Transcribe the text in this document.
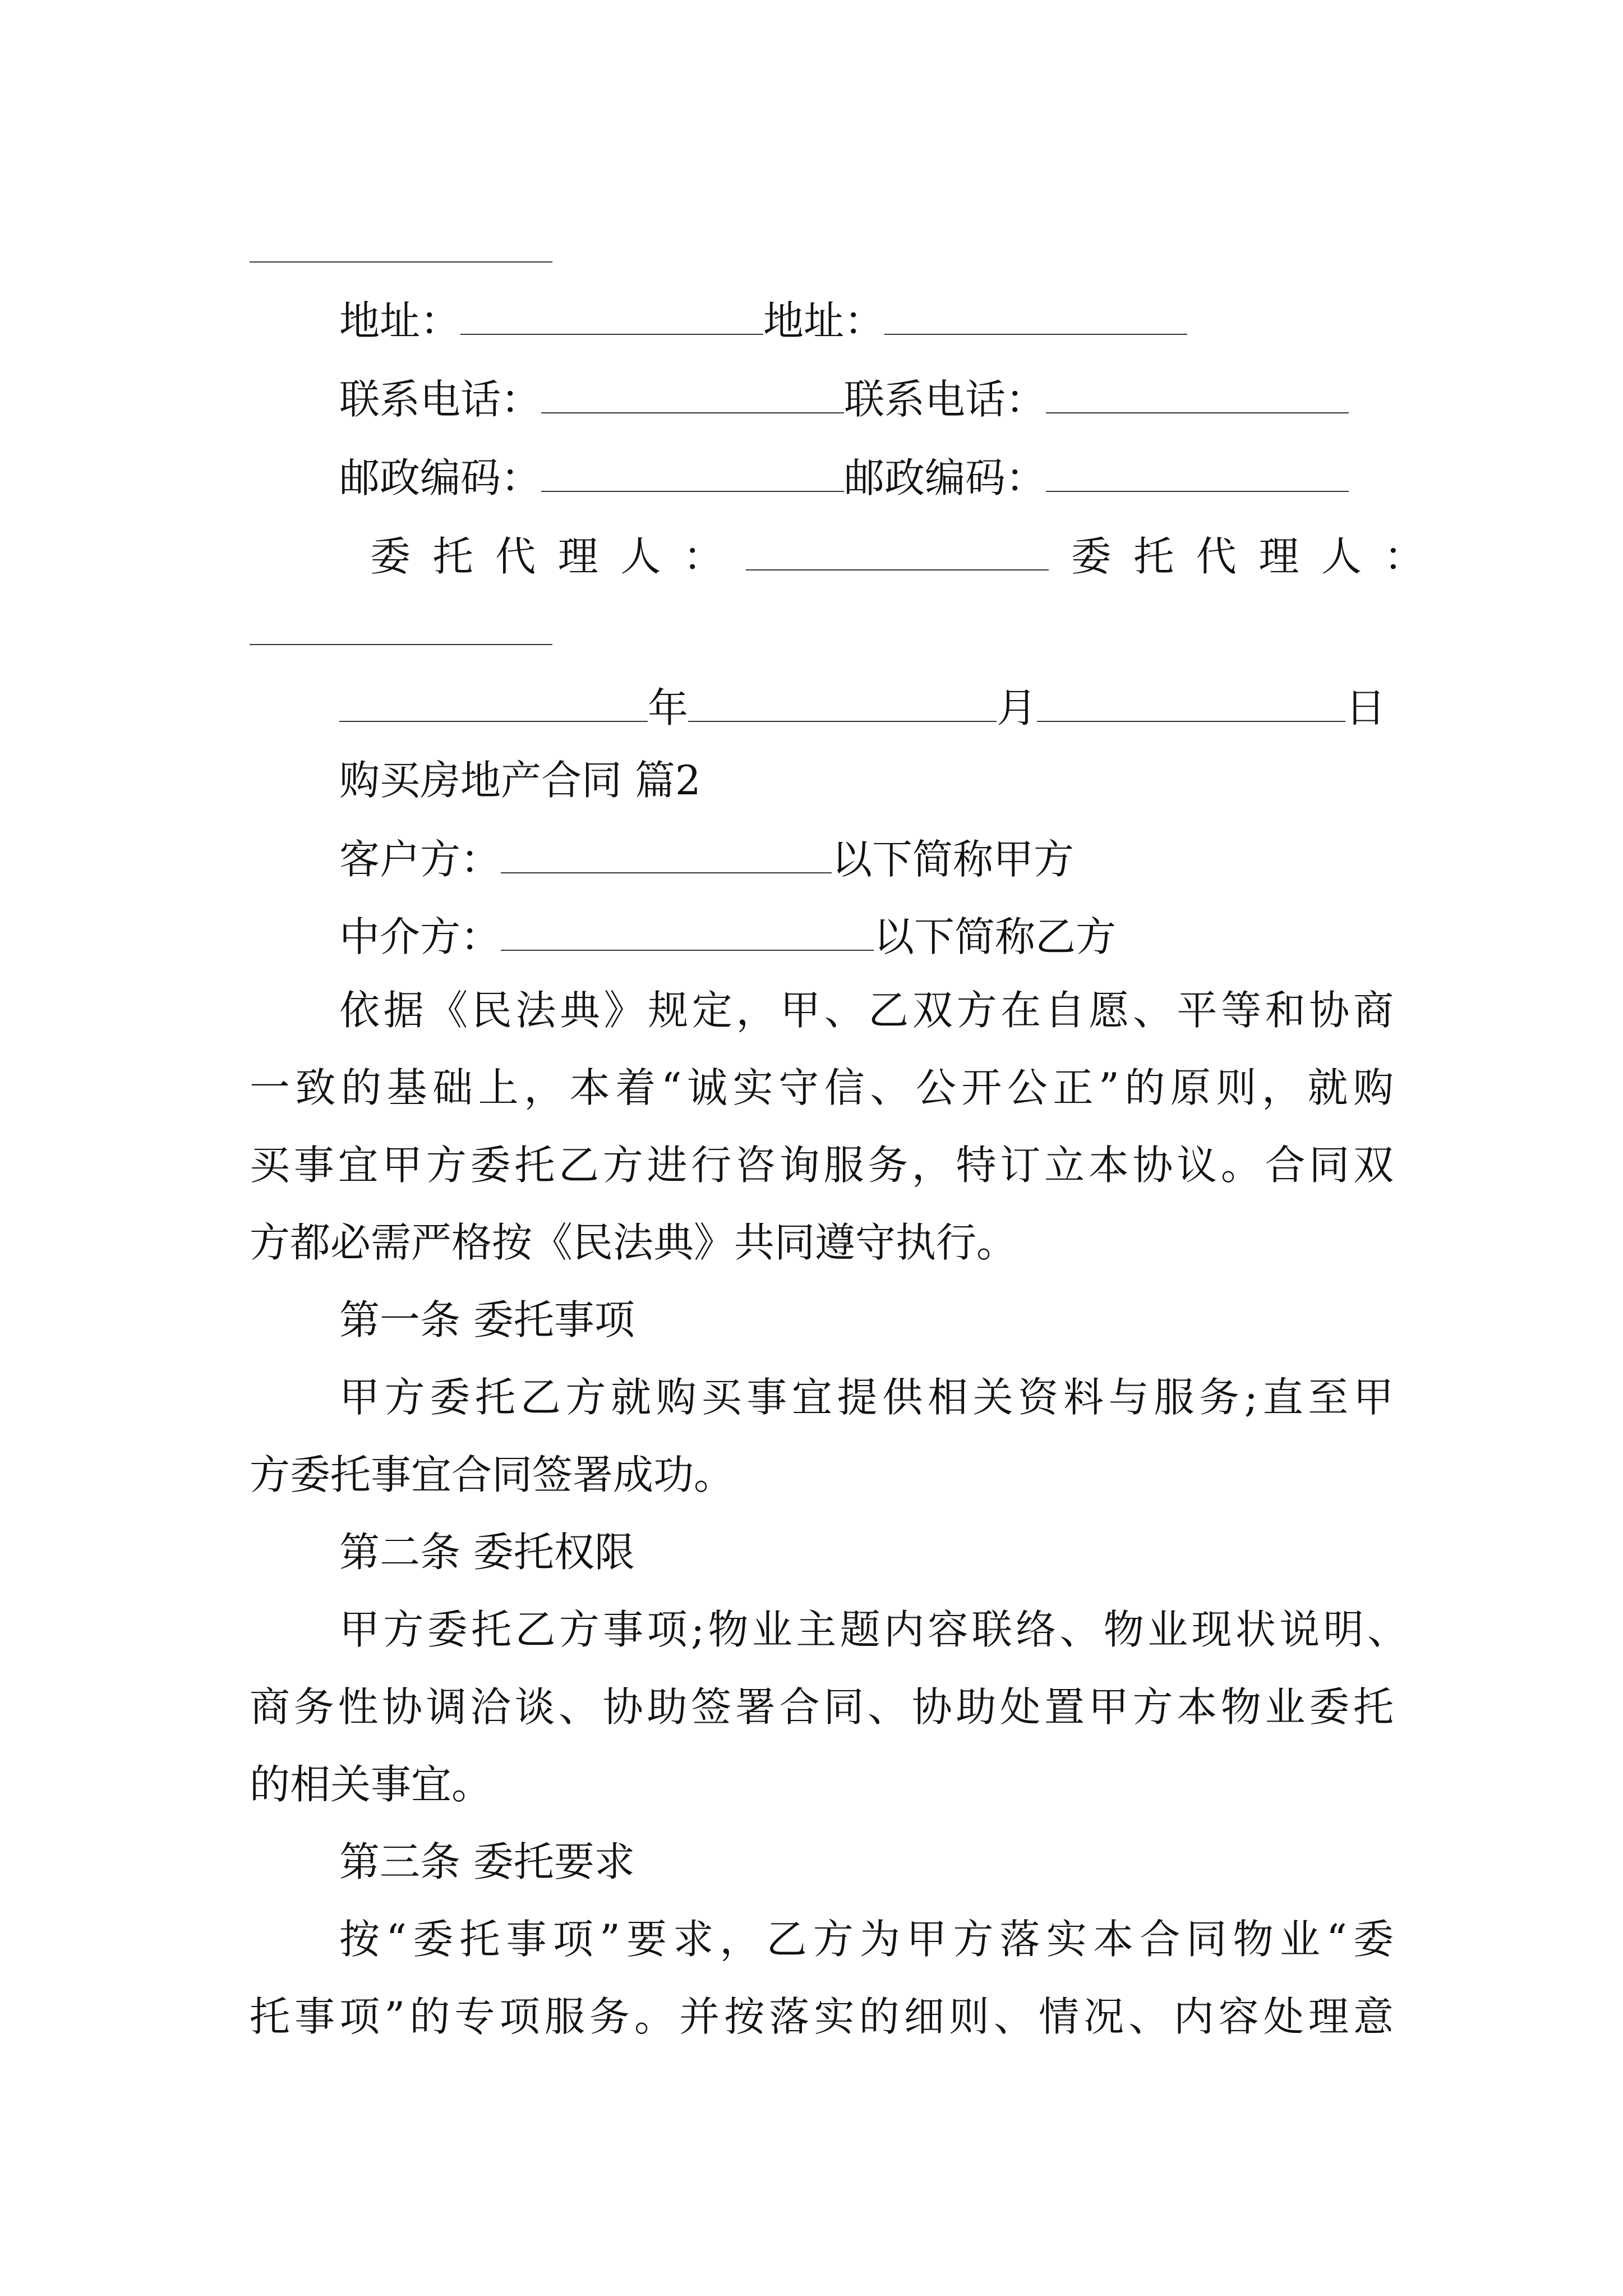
地址：	地址：
联系电话：	联系电话：
邮政编码：	邮政编码：
委托代理人：	委托代理人：
年	月	日
购买房地产合同 篇2
客户方：	以下简称甲方
中介方：	以下简称乙方
依据《民法典》规定，甲、乙双方在自愿、平等和协商
一致的基础上，本着“诚实守信、公开公正”的原则，就购
买事宜甲方委托乙方进行咨询服务，特订立本协议。合同双
方都必需严格按《民法典》共同遵守执行。
第一条 委托事项
甲方委托乙方就购买事宜提供相关资料与服务;直至甲
方委托事宜合同签署成功。
第二条 委托权限
甲方委托乙方事项;物业主题内容联络、物业现状说明、
商务性协调洽谈、协助签署合同、协助处置甲方本物业委托
的相关事宜。
第三条 委托要求
按“委托事项”要求，乙方为甲方落实本合同物业“委
托事项”的专项服务。并按落实的细则、情况、内容处理意
